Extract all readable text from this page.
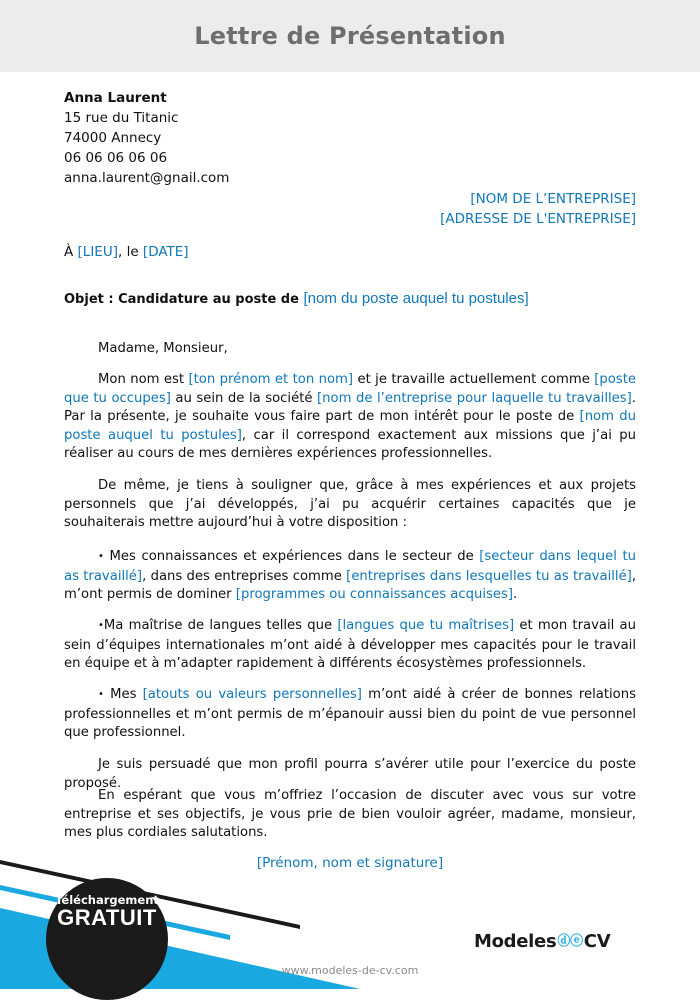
Lettre de Présentation
Anna Laurent
15 rue du Titanic
74000 Annecy
06 06 06 06 06
anna.laurent@gnail.com
[NOM DE L’ENTREPRISE]
[ADRESSE DE L'ENTREPRISE]
À [LIEU], le [DATE]
Objet : Candidature au poste de [nom du poste auquel tu postules]
Madame, Monsieur,
Mon nom est [ton prénom et ton nom] et je travaille actuellement comme [poste que tu occupes] au sein de la société [nom de l’entreprise pour laquelle tu travailles]. Par la présente, je souhaite vous faire part de mon intérêt pour le poste de [nom du poste auquel tu postules], car il correspond exactement aux missions que j’ai pu réaliser au cours de mes dernières expériences professionnelles.
De même, je tiens à souligner que, grâce à mes expériences et aux projets personnels que j’ai développés, j’ai pu acquérir certaines capacités que je souhaiterais mettre aujourd’hui à votre disposition :
• Mes connaissances et expériences dans le secteur de [secteur dans lequel tu as travaillé], dans des entreprises comme [entreprises dans lesquelles tu as travaillé], m’ont permis de dominer [programmes ou connaissances acquises].
•Ma maîtrise de langues telles que [langues que tu maîtrises] et mon travail au sein d’équipes internationales m’ont aidé à développer mes capacités pour le travail en équipe et à m’adapter rapidement à différents écosystèmes professionnels.
• Mes [atouts ou valeurs personnelles] m’ont aidé à créer de bonnes relations professionnelles et m’ont permis de m’épanouir aussi bien du point de vue personnel que professionnel.
Je suis persuadé que mon profil pourra s’avérer utile pour l’exercice du poste proposé.
En espérant que vous m’offriez l’occasion de discuter avec vous sur votre entreprise et ses objectifs, je vous prie de bien vouloir agréer, madame, monsieur, mes plus cordiales salutations.
[Prénom, nom et signature]
Téléchargement
GRATUIT
ModelesⓓⓔCV
www.modeles-de-cv.com
